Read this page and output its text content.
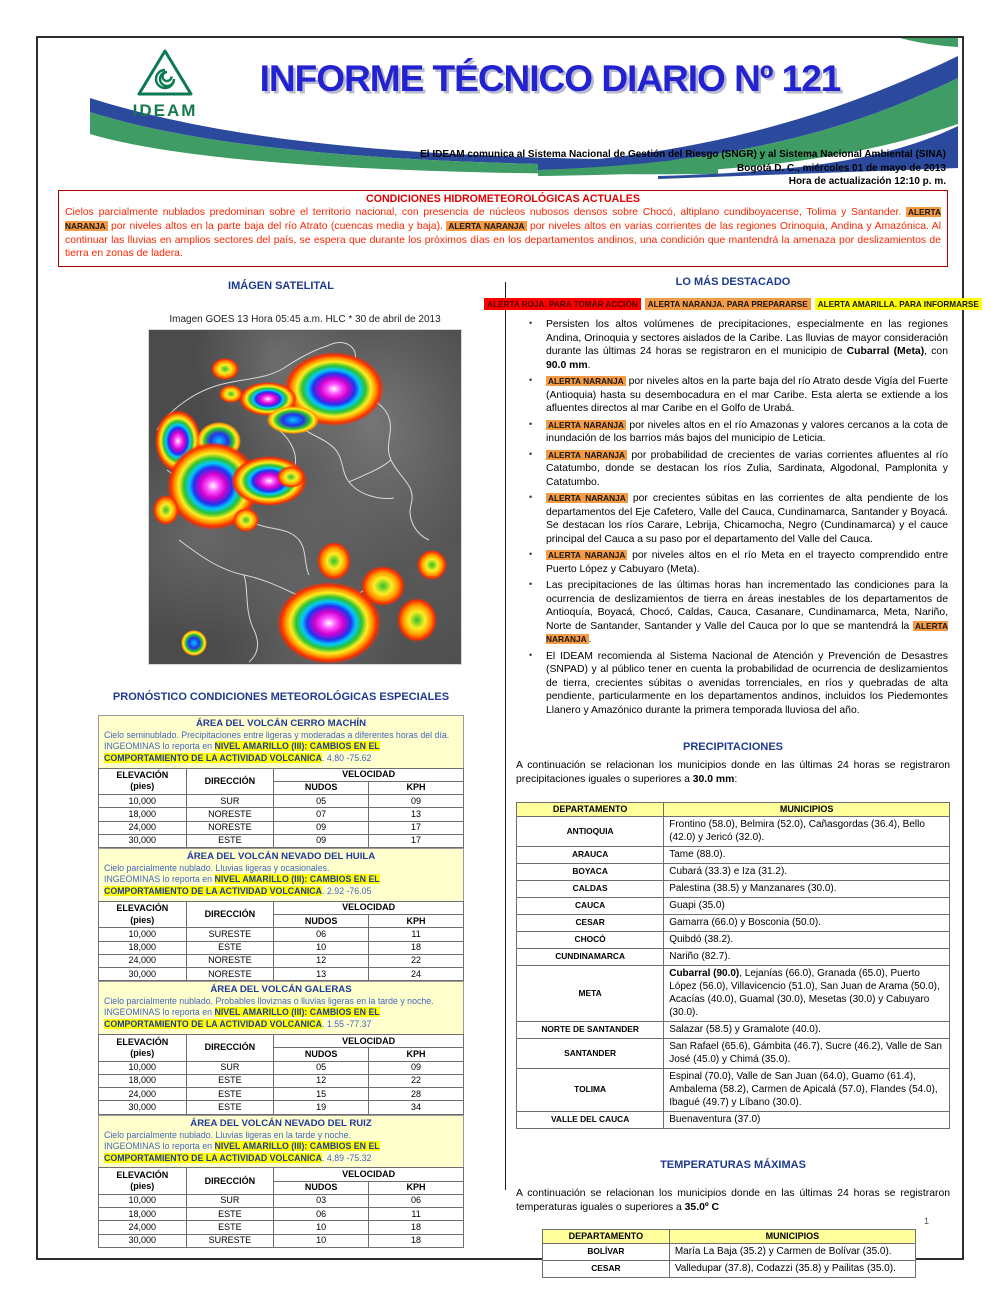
IDEAM
INFORME TÉCNICO DIARIO Nº 121
El IDEAM comunica al Sistema Nacional de Gestión del Riesgo (SNGR) y al Sistema Nacional Ambiental (SINA)
Bogotá D. C., miércoles 01 de mayo de 2013
Hora de actualización 12:10 p. m.
CONDICIONES HIDROMETEOROLÓGICAS ACTUALES
Cielos parcialmente nublados predominan sobre el territorio nacional, con presencia de núcleos nubosos densos sobre Chocó, altiplano cundiboyacense, Tolima y Santander. ALERTA NARANJA por niveles altos en la parte baja del río Atrato (cuencas media y baja). ALERTA NARANJA por niveles altos en varias corrientes de las regiones Orinoquia, Andina y Amazónica. Al continuar las lluvias en amplios sectores del país, se espera que durante los próximos días en los departamentos andinos, una condición que mantendrá la amenaza por deslizamientos de tierra en zonas de ladera.
IMÁGEN SATELITAL
Imagen GOES 13 Hora 05:45 a.m. HLC * 30 de abril de 2013
PRONÓSTICO CONDICIONES METEOROLÓGICAS ESPECIALES
ÁREA DEL VOLCÁN CERRO MACHÍN
Cielo seminublado. Precipitaciones entre ligeras y moderadas a diferentes horas del día.
INGEOMINAS lo reporta en NIVEL AMARILLO (III): CAMBIOS EN EL COMPORTAMIENTO DE LA ACTIVIDAD VOLCANICA. 4.80 -75.62
ELEVACIÓN
(pies)	DIRECCIÓN	VELOCIDAD	
		NUDOS	KPH
10,000	SUR	05	09
18,000	NORESTE	07	13
24,000	NORESTE	09	17
30,000	ESTE	09	17
ÁREA DEL VOLCÁN NEVADO DEL HUILA
Cielo parcialmente nublado. Lluvias ligeras y ocasionales.
INGEOMINAS lo reporta en NIVEL AMARILLO (III): CAMBIOS EN EL COMPORTAMIENTO DE LA ACTIVIDAD VOLCANICA. 2.92 -76.05
ELEVACIÓN
(pies)	DIRECCIÓN	VELOCIDAD	
		NUDOS	KPH
10,000	SURESTE	06	11
18,000	ESTE	10	18
24,000	NORESTE	12	22
30,000	NORESTE	13	24
ÁREA DEL VOLCÁN GALERAS
Cielo parcialmente nublado. Probables lloviznas o lluvias ligeras en la tarde y noche.
INGEOMINAS lo reporta en NIVEL AMARILLO (III): CAMBIOS EN EL COMPORTAMIENTO DE LA ACTIVIDAD VOLCANICA. 1.55 -77.37
ELEVACIÓN
(pies)	DIRECCIÓN	VELOCIDAD	
		NUDOS	KPH
10,000	SUR	05	09
18,000	ESTE	12	22
24,000	ESTE	15	28
30,000	ESTE	19	34
ÁREA DEL VOLCÁN NEVADO DEL RUIZ
Cielo parcialmente nublado. Lluvias ligeras en la tarde y noche.
INGEOMINAS lo reporta en NIVEL AMARILLO (III): CAMBIOS EN EL COMPORTAMIENTO DE LA ACTIVIDAD VOLCANICA. 4.89 -75.32
ELEVACIÓN
(pies)	DIRECCIÓN	VELOCIDAD	
		NUDOS	KPH
10,000	SUR	03	06
18,000	ESTE	06	11
24,000	ESTE	10	18
30,000	SURESTE	10	18
LO MÁS DESTACADO
ALERTA ROJA. PARA TOMAR ACCIÓN	ALERTA NARANJA. PARA PREPARARSE	ALERTA AMARILLA. PARA INFORMARSE
• Persisten los altos volúmenes de precipitaciones, especialmente en las regiones Andina, Orinoquia y sectores aislados de la Caribe. Las lluvias de mayor consideración durante las últimas 24 horas se registraron en el municipio de Cubarral (Meta), con 90.0 mm.
• ALERTA NARANJA por niveles altos en la parte baja del río Atrato desde Vigía del Fuerte (Antioquia) hasta su desembocadura en el mar Caribe. Esta alerta se extiende a los afluentes directos al mar Caribe en el Golfo de Urabá.
• ALERTA NARANJA por niveles altos en el río Amazonas y valores cercanos a la cota de inundación de los barrios más bajos del municipio de Leticia.
• ALERTA NARANJA por probabilidad de crecientes de varias corrientes afluentes al río Catatumbo, donde se destacan los ríos Zulia, Sardinata, Algodonal, Pamplonita y Catatumbo.
• ALERTA NARANJA por crecientes súbitas en las corrientes de alta pendiente de los departamentos del Eje Cafetero, Valle del Cauca, Cundinamarca, Santander y Boyacá. Se destacan los ríos Carare, Lebrija, Chicamocha, Negro (Cundinamarca) y el cauce principal del Cauca a su paso por el departamento del Valle del Cauca.
• ALERTA NARANJA por niveles altos en el río Meta en el trayecto comprendido entre Puerto López y Cabuyaro (Meta).
• Las precipitaciones de las últimas horas han incrementado las condiciones para la ocurrencia de deslizamientos de tierra en áreas inestables de los departamentos de Antioquía, Boyacá, Chocó, Caldas, Cauca, Casanare, Cundinamarca, Meta, Nariño, Norte de Santander, Santander y Valle del Cauca por lo que se mantendrá la ALERTA NARANJA .
• El IDEAM recomienda al Sistema Nacional de Atención y Prevención de Desastres (SNPAD) y al público tener en cuenta la probabilidad de ocurrencia de deslizamientos de tierra, crecientes súbitas o avenidas torrenciales, en ríos y quebradas de alta pendiente, particularmente en los departamentos andinos, incluidos los Piedemontes Llanero y Amazónico durante la primera temporada lluviosa del año.
PRECIPITACIONES

A continuación se relacionan los municipios donde en las últimas 24 horas se registraron precipitaciones iguales o superiores a 30.0 mm:

DEPARTAMENTO	MUNICIPIOS
ANTIOQUIA	Frontino (58.0), Belmira (52.0), Cañasgordas (36.4), Bello (42.0) y Jericó (32.0).
ARAUCA	Tame (88.0).
BOYACA	Cubará (33.3) e Iza (31.2).
CALDAS	Palestina (38.5) y Manzanares (30.0).
CAUCA	Guapi (35.0)
CESAR	Gamarra (66.0) y Bosconia (50.0).
CHOCÓ	Quibdó (38.2).
CUNDINAMARCA	Nariño (82.7).
META	Cubarral (90.0), Lejanías (66.0), Granada (65.0), Puerto López (56.0), Villavicencio (51.0), San Juan de Arama (50.0), Acacías (40.0), Guamal (30.0), Mesetas (30.0) y Cabuyaro (30.0).
NORTE DE SANTANDER	Salazar (58.5) y Gramalote (40.0).
SANTANDER	San Rafael (65.6), Gámbita (46.7), Sucre (46.2), Valle de San José (45.0) y Chimá (35.0).
TOLIMA	Espinal (70.0), Valle de San Juan (64.0), Guamo (61.4), Ambalema (58.2), Carmen de Apicalá (57.0), Flandes (54.0), Ibagué (49.7) y Líbano (30.0).
VALLE DEL CAUCA	Buenaventura (37.0)
TEMPERATURAS MÁXIMAS

A continuación se relacionan los municipios donde en las últimas 24 horas se registraron temperaturas iguales o superiores a 35.0º C

DEPARTAMENTO	MUNICIPIOS
BOLÍVAR	María La Baja (35.2) y Carmen de Bolívar (35.0).
CESAR	Valledupar (37.8), Codazzi (35.8) y Pailitas (35.0).
1
